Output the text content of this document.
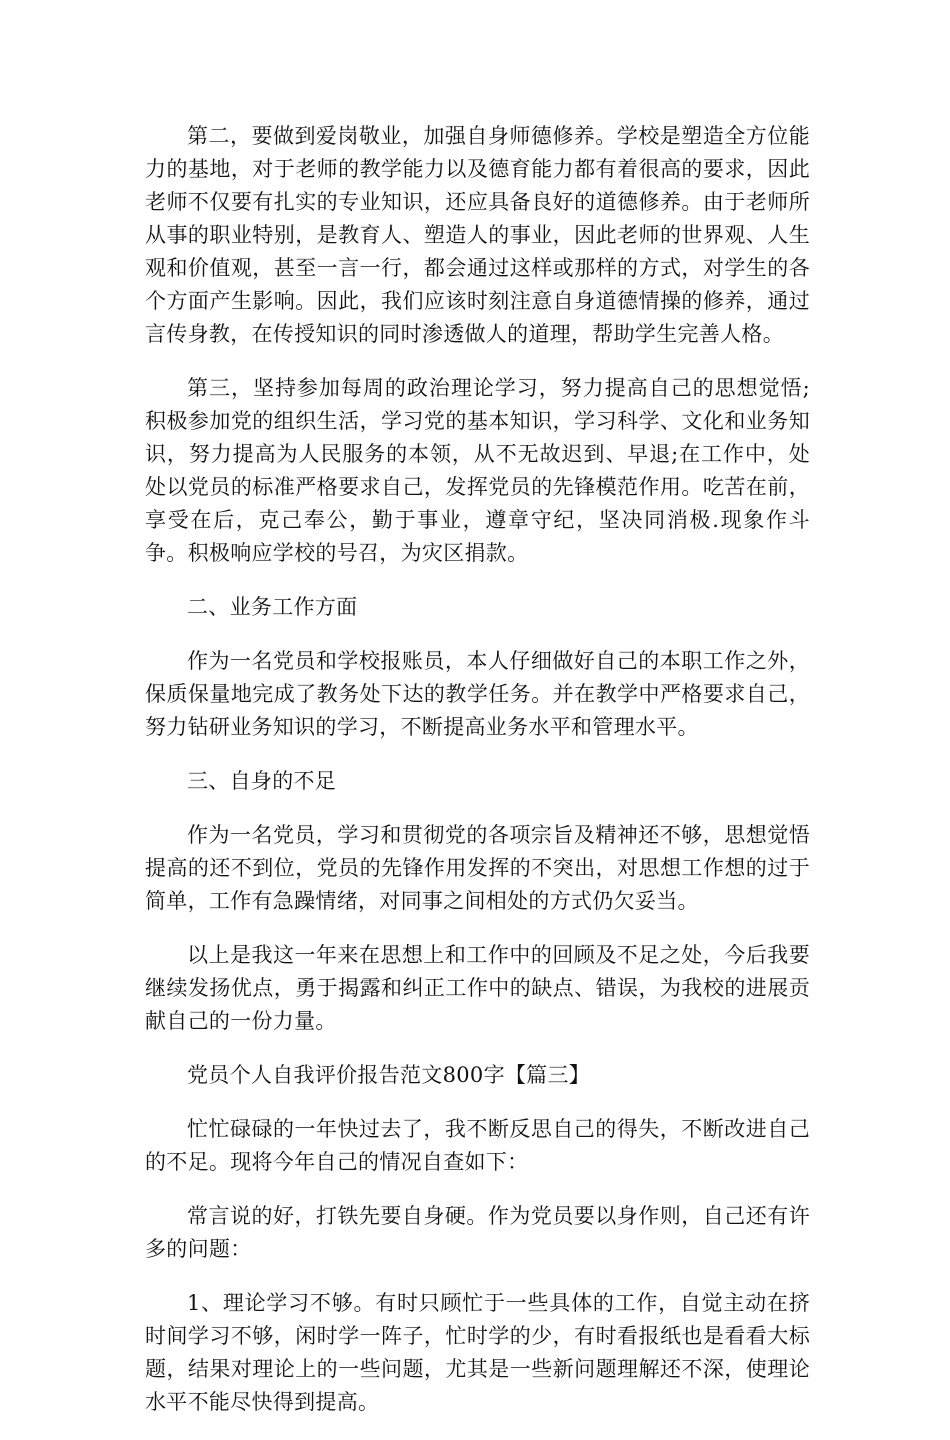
第二，要做到爱岗敬业，加强自身师德修养。学校是塑造全方位能力的基地，对于老师的教学能力以及德育能力都有着很高的要求，因此老师不仅要有扎实的专业知识，还应具备良好的道德修养。由于老师所从事的职业特别，是教育人、塑造人的事业，因此老师的世界观、人生观和价值观，甚至一言一行，都会通过这样或那样的方式，对学生的各个方面产生影响。因此，我们应该时刻注意自身道德情操的修养，通过言传身教，在传授知识的同时渗透做人的道理，帮助学生完善人格。

第三，坚持参加每周的政治理论学习，努力提高自己的思想觉悟;积极参加党的组织生活，学习党的基本知识，学习科学、文化和业务知识，努力提高为人民服务的本领，从不无故迟到、早退;在工作中，处处以党员的标准严格要求自己，发挥党员的先锋模范作用。吃苦在前，享受在后，克己奉公，勤于事业，遵章守纪，坚决同消极.现象作斗争。积极响应学校的号召，为灾区捐款。

二、业务工作方面

作为一名党员和学校报账员，本人仔细做好自己的本职工作之外，保质保量地完成了教务处下达的教学任务。并在教学中严格要求自己，努力钻研业务知识的学习，不断提高业务水平和管理水平。

三、自身的不足

作为一名党员，学习和贯彻党的各项宗旨及精神还不够，思想觉悟提高的还不到位，党员的先锋作用发挥的不突出，对思想工作想的过于简单，工作有急躁情绪，对同事之间相处的方式仍欠妥当。

以上是我这一年来在思想上和工作中的回顾及不足之处，今后我要继续发扬优点，勇于揭露和纠正工作中的缺点、错误，为我校的进展贡献自己的一份力量。

党员个人自我评价报告范文800字【篇三】

忙忙碌碌的一年快过去了，我不断反思自己的得失，不断改进自己的不足。现将今年自己的情况自查如下：

常言说的好，打铁先要自身硬。作为党员要以身作则，自己还有许多的问题：

1、理论学习不够。有时只顾忙于一些具体的工作，自觉主动在挤时间学习不够，闲时学一阵子，忙时学的少，有时看报纸也是看看大标题，结果对理论上的一些问题，尤其是一些新问题理解还不深，使理论水平不能尽快得到提高。
